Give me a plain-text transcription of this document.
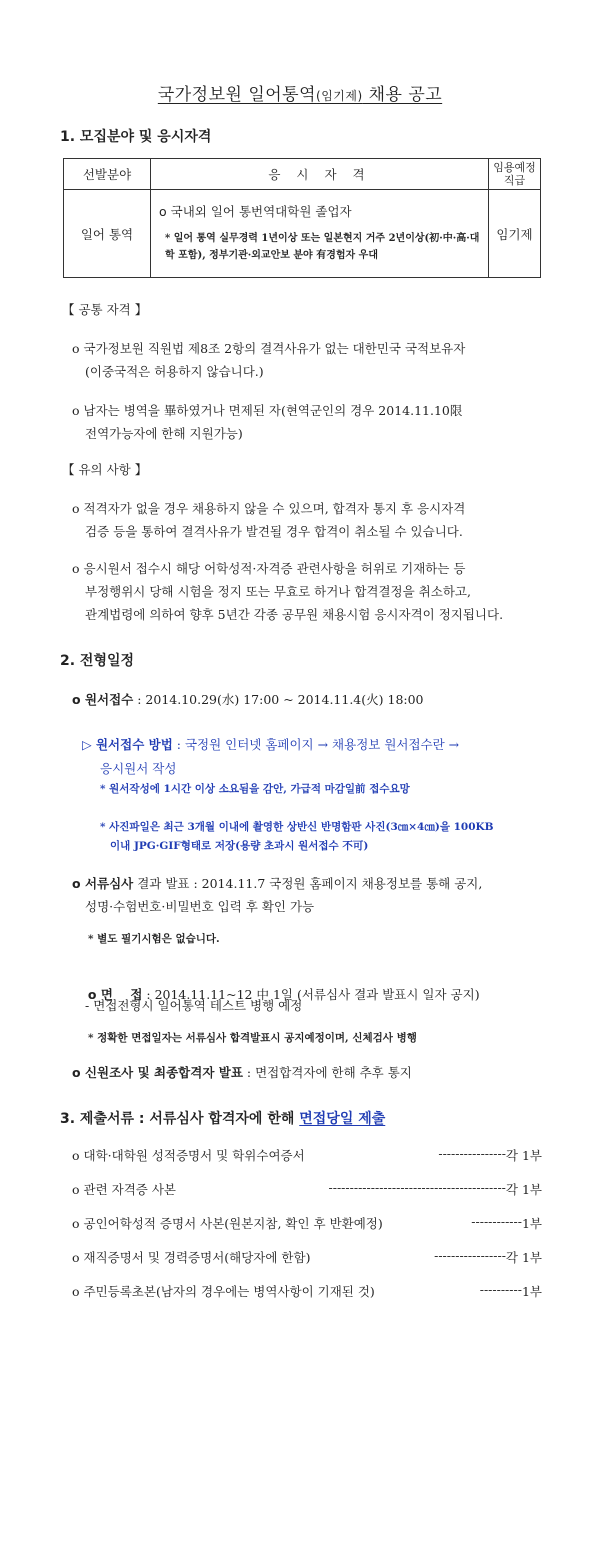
국가정보원 일어통역(임기제) 채용 공고
1. 모집분야 및 응시자격
선발분야	응 시 자 격	임용예정
직급
일어 통역	o 국내외 일어 통번역대학원 졸업자
* 일어 통역 실무경력 1년이상 또는 일본현지 거주 2년이상(初·中·高·대학 포함), 정부기관·외교안보 분야 有경험자 우대	임기제
【 공통 자격 】
o 국가정보원 직원법 제8조 2항의 결격사유가 없는 대한민국 국적보유자
(이중국적은 허용하지 않습니다.)
o 남자는 병역을 畢하였거나 면제된 자(현역군인의 경우 2014.11.10限
전역가능자에 한해 지원가능)
【 유의 사항 】
o 적격자가 없을 경우 채용하지 않을 수 있으며, 합격자 통지 후 응시자격
검증 등을 통하여 결격사유가 발견될 경우 합격이 취소될 수 있습니다.
o 응시원서 접수시 해당 어학성적·자격증 관련사항을 허위로 기재하는 등
부정행위시 당해 시험을 정지 또는 무효로 하거나 합격결정을 취소하고,
관계법령에 의하여 향후 5년간 각종 공무원 채용시험 응시자격이 정지됩니다.
2. 전형일정
o 원서접수 : 2014.10.29(水) 17:00 ~ 2014.11.4(火) 18:00
▷ 원서접수 방법 : 국정원 인터넷 홈페이지 → 채용정보 원서접수란 →
응시원서 작성
* 원서작성에 1시간 이상 소요됨을 감안, 가급적 마감일前 접수요망
* 사진파일은 최근 3개월 이내에 촬영한 상반신 반명함판 사진(3㎝×4㎝)을 100KB
이내 JPG·GIF형태로 저장(용량 초과시 원서접수 不可)
o 서류심사 결과 발표 : 2014.11.7 국정원 홈페이지 채용정보를 통해 공지,
성명·수험번호·비밀번호 입력 후 확인 가능
* 별도 필기시험은 없습니다.

o 면    접 : 2014.11.11~12 中 1일 (서류심사 결과 발표시 일자 공지)

- 면접전형시 일어통역 테스트 병행 예정
* 정확한 면접일자는 서류심사 합격발표시 공지예정이며, 신체검사 병행
o 신원조사 및 최종합격자 발표 : 면접합격자에 한해 추후 통지
3. 제출서류 : 서류심사 합격자에 한해 면접당일 제출
o 대학·대학원 성적증명서 및 학위수여증서	---------------- 각 1부
o 관련 자격증 사본	------------------------------------------ 각 1부
o 공인어학성적 증명서 사본(원본지참, 확인 후 반환예정)	------------ 1부
o 재직증명서 및 경력증명서(해당자에 한함)	----------------- 각 1부
o 주민등록초본(남자의 경우에는 병역사항이 기재된 것)	---------- 1부
